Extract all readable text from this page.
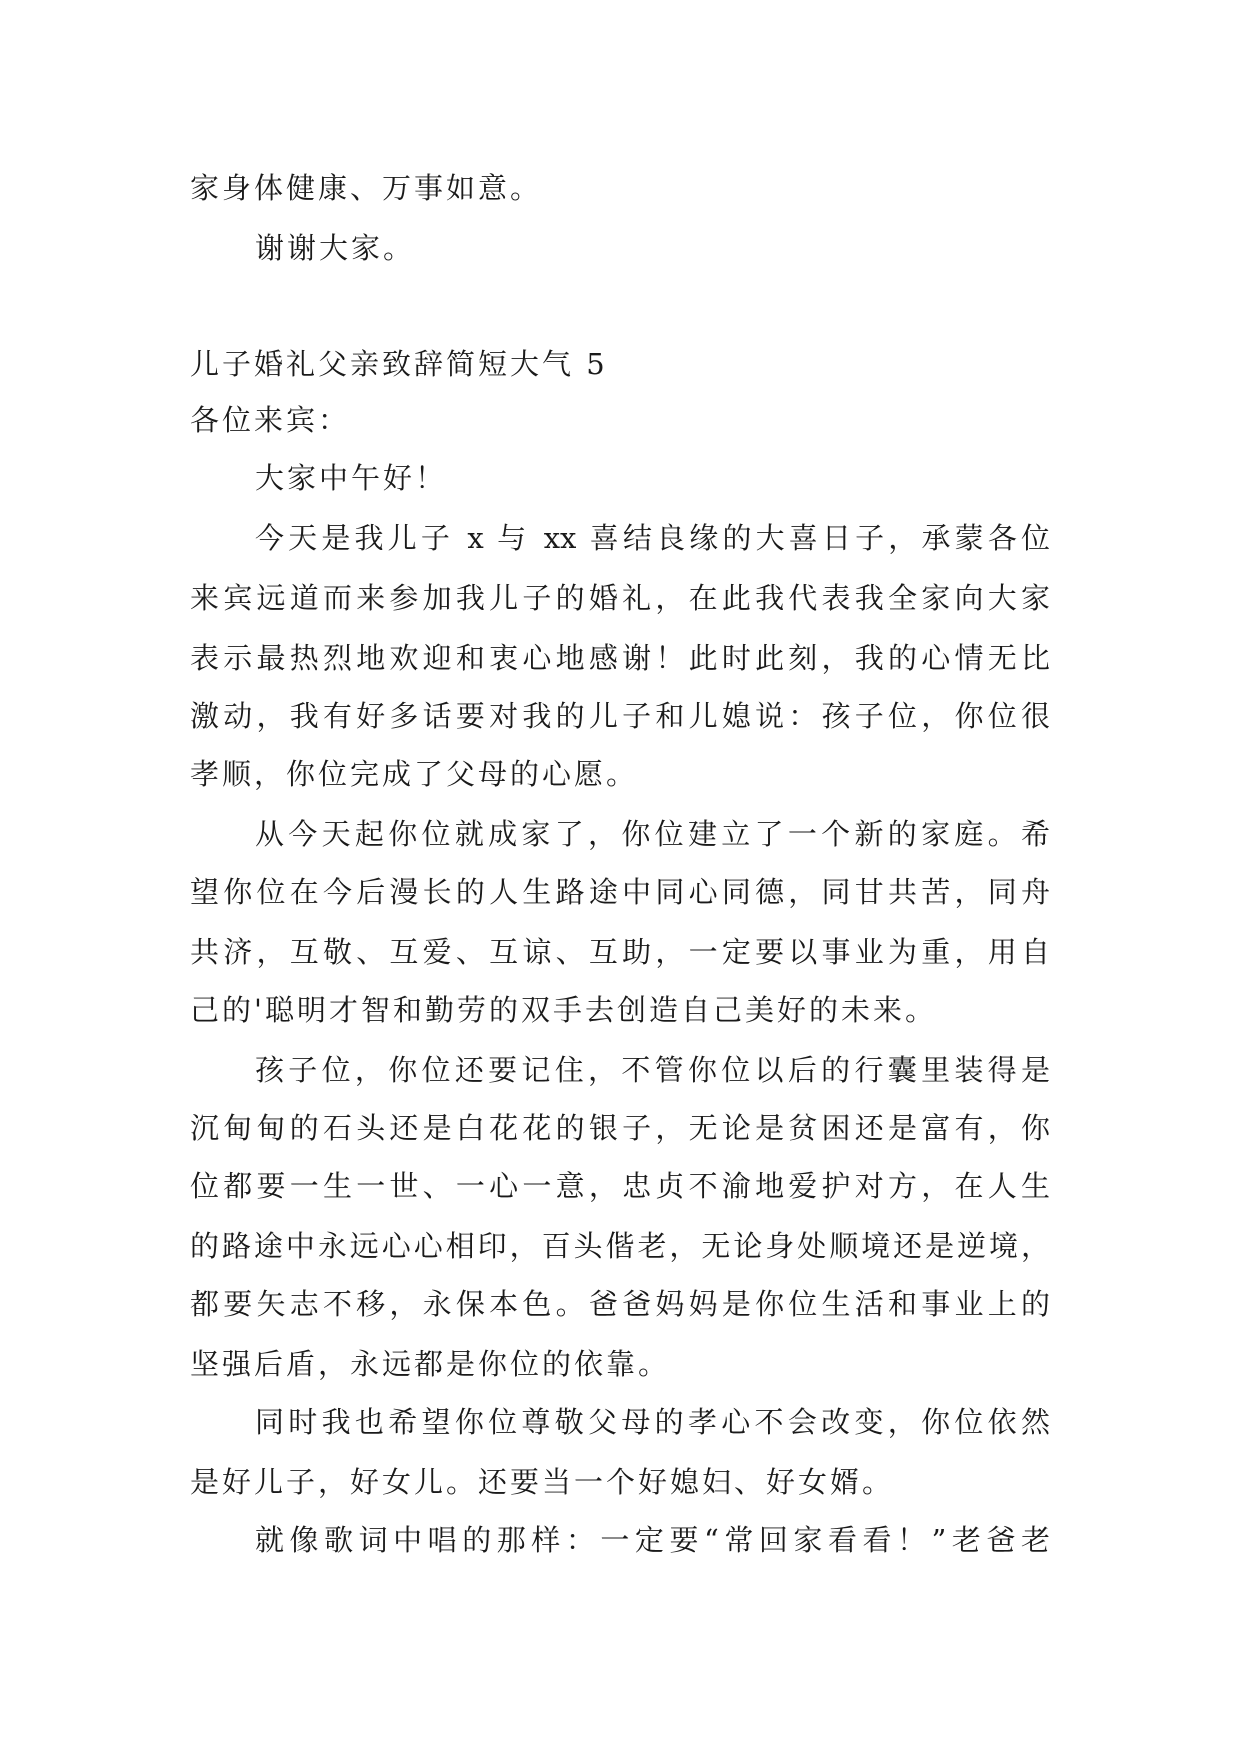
家身体健康、万事如意。
谢谢大家。
儿子婚礼父亲致辞简短大气 5
各位来宾：
大家中午好！
今天是我儿子 x 与 xx 喜结良缘的大喜日子，承蒙各位
来宾远道而来参加我儿子的婚礼，在此我代表我全家向大家
表示最热烈地欢迎和衷心地感谢！此时此刻，我的心情无比
激动，我有好多话要对我的儿子和儿媳说：孩子位，你位很
孝顺，你位完成了父母的心愿。
从今天起你位就成家了，你位建立了一个新的家庭。希
望你位在今后漫长的人生路途中同心同德，同甘共苦，同舟
共济，互敬、互爱、互谅、互助，一定要以事业为重，用自
己的'聪明才智和勤劳的双手去创造自己美好的未来。
孩子位，你位还要记住，不管你位以后的行囊里装得是
沉甸甸的石头还是白花花的银子，无论是贫困还是富有，你
位都要一生一世、一心一意，忠贞不渝地爱护对方，在人生
的路途中永远心心相印，百头偕老，无论身处顺境还是逆境，
都要矢志不移，永保本色。爸爸妈妈是你位生活和事业上的
坚强后盾，永远都是你位的依靠。
同时我也希望你位尊敬父母的孝心不会改变，你位依然
是好儿子，好女儿。还要当一个好媳妇、好女婿。
就像歌词中唱的那样：一定要“常回家看看！”老爸老
